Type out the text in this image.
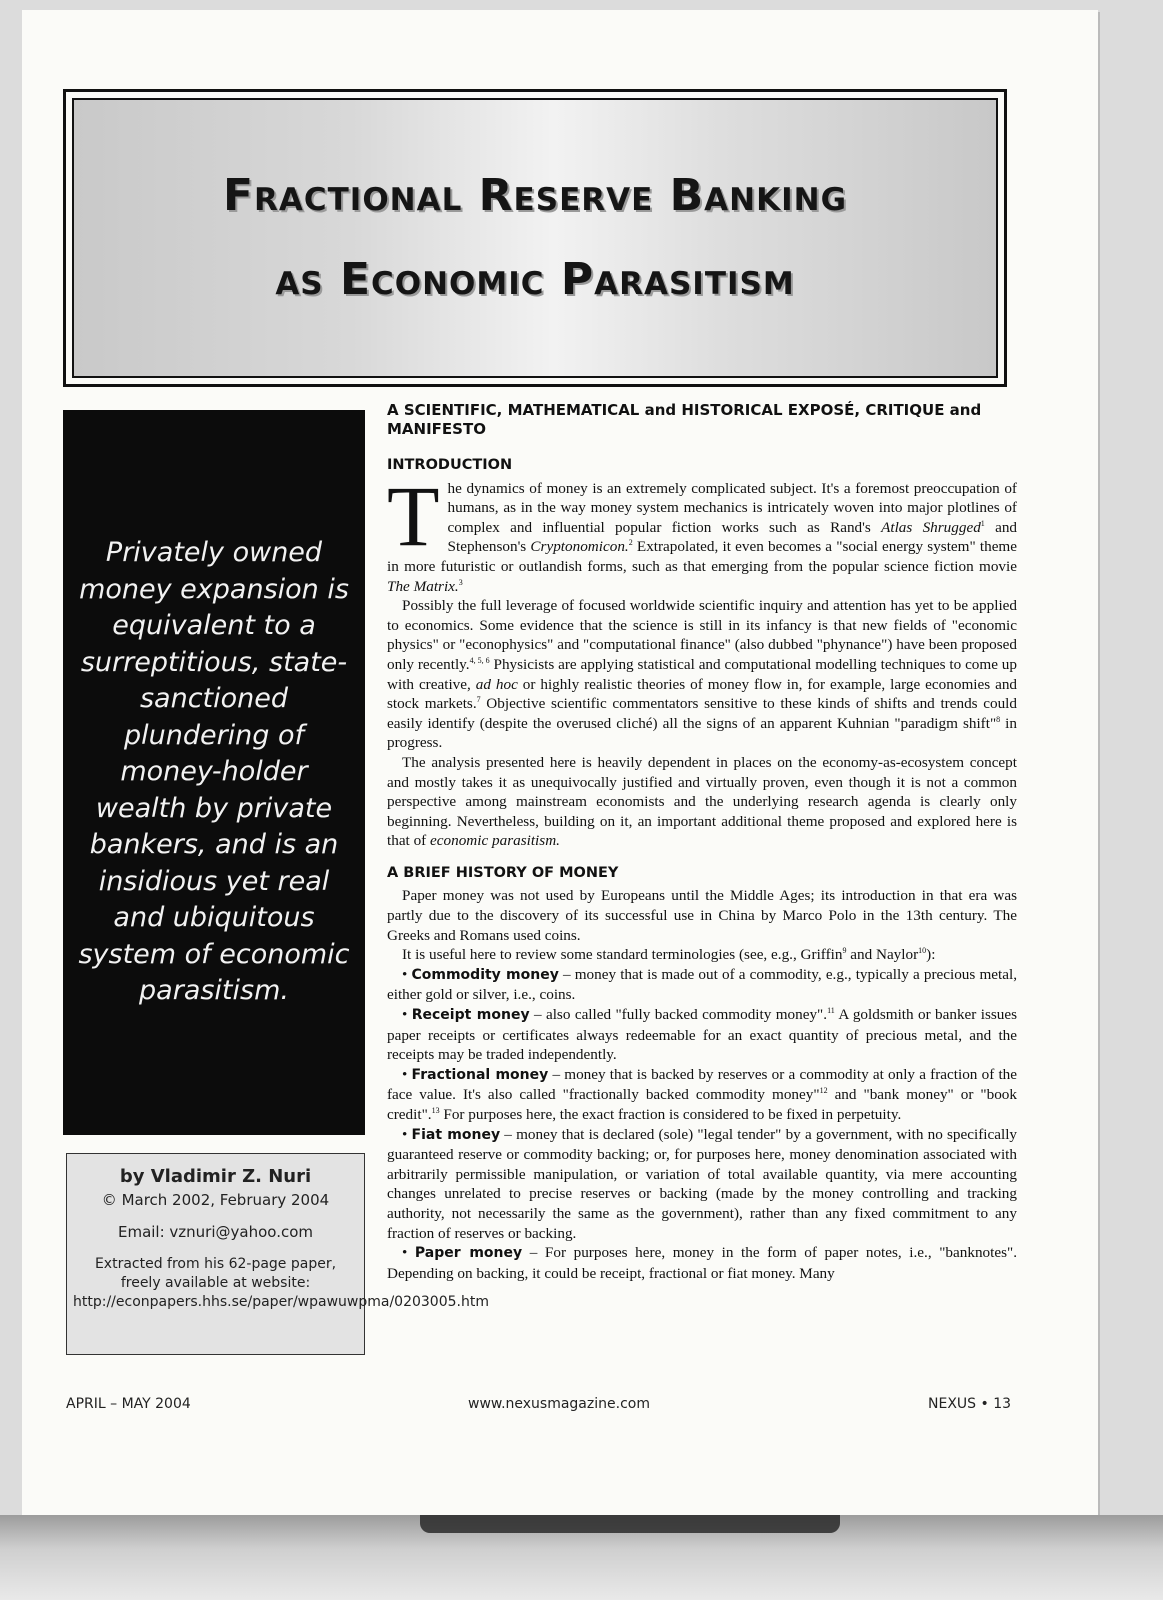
Fractional Reserve Banking
as Economic Parasitism

Privately owned money expansion is equivalent to a surreptitious, state-sanctioned plundering of money-holder wealth by private bankers, and is an insidious yet real and ubiquitous system of economic parasitism.

by Vladimir Z. Nuri
© March 2002, February 2004
Email: vznuri@yahoo.com
Extracted from his 62-page paper, freely available at website: http://econpapers.hhs.se/paper/wpawuwpma/0203005.htm
A SCIENTIFIC, MATHEMATICAL and HISTORICAL EXPOSÉ, CRITIQUE and MANIFESTO
INTRODUCTION

The dynamics of money is an extremely complicated subject. It's a foremost preoccupation of humans, as in the way money system mechanics is intricately woven into major plotlines of complex and influential popular fiction works such as Rand's Atlas Shrugged$^1$ and Stephenson's Cryptonomicon.$^2$ Extrapolated, it even becomes a "social energy system" theme in more futuristic or outlandish forms, such as that emerging from the popular science fiction movie The Matrix.$^3$

Possibly the full leverage of focused worldwide scientific inquiry and attention has yet to be applied to economics. Some evidence that the science is still in its infancy is that new fields of "economic physics" or "econophysics" and "computational finance" (also dubbed "phynance") have been proposed only recently.$^{4, 5, 6}$ Physicists are applying statistical and computational modelling techniques to come up with creative, ad hoc or highly realistic theories of money flow in, for example, large economies and stock markets.$^7$ Objective scientific commentators sensitive to these kinds of shifts and trends could easily identify (despite the overused cliché) all the signs of an apparent Kuhnian "paradigm shift"$^8$ in progress.

The analysis presented here is heavily dependent in places on the economy-as-ecosystem concept and mostly takes it as unequivocally justified and virtually proven, even though it is not a common perspective among mainstream economists and the underlying research agenda is clearly only beginning. Nevertheless, building on it, an important additional theme proposed and explored here is that of economic parasitism.

A BRIEF HISTORY OF MONEY

Paper money was not used by Europeans until the Middle Ages; its introduction in that era was partly due to the discovery of its successful use in China by Marco Polo in the 13th century. The Greeks and Romans used coins.

It is useful here to review some standard terminologies (see, e.g., Griffin$^9$ and Naylor$^{10}$):

• Commodity money – money that is made out of a commodity, e.g., typically a precious metal, either gold or silver, i.e., coins.

• Receipt money – also called "fully backed commodity money".$^{11}$ A goldsmith or banker issues paper receipts or certificates always redeemable for an exact quantity of precious metal, and the receipts may be traded independently.

• Fractional money – money that is backed by reserves or a commodity at only a fraction of the face value. It's also called "fractionally backed commodity money"$^{12}$ and "bank money" or "book credit".$^{13}$ For purposes here, the exact fraction is considered to be fixed in perpetuity.

• Fiat money – money that is declared (sole) "legal tender" by a government, with no specifically guaranteed reserve or commodity backing; or, for purposes here, money denomination associated with arbitrarily permissible manipulation, or variation of total available quantity, via mere accounting changes unrelated to precise reserves or backing (made by the money controlling and tracking authority, not necessarily the same as the government), rather than any fixed commitment to any fraction of reserves or backing.

• Paper money – For purposes here, money in the form of paper notes, i.e., "banknotes". Depending on backing, it could be receipt, fractional or fiat money. Many

APRIL – MAY 2004	www.nexusmagazine.com	NEXUS • 13
